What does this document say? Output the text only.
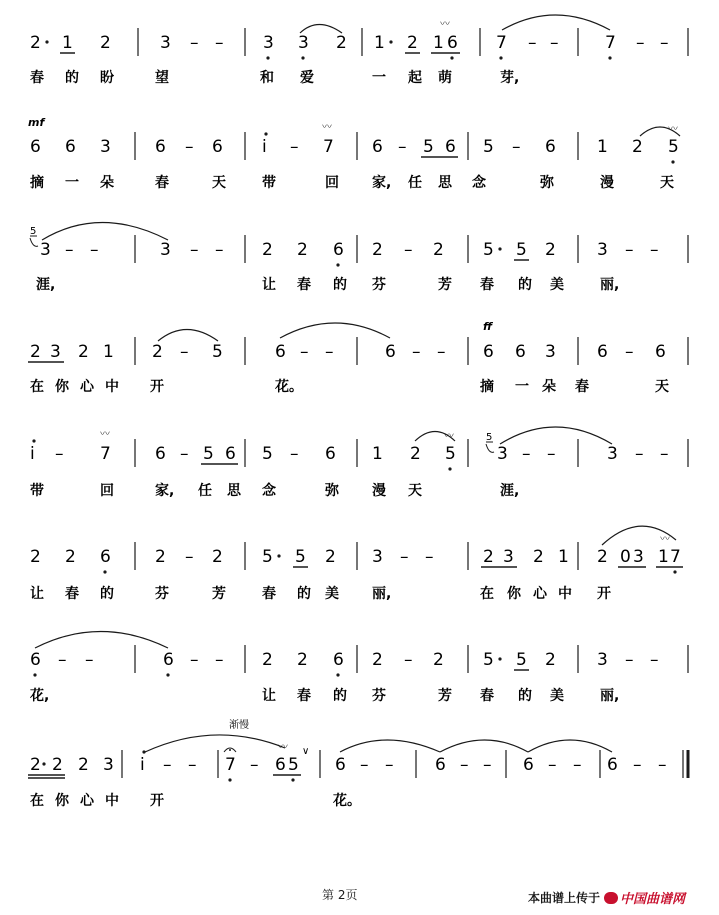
2 1 2	3 – – 3 3 2 1 2 1 6
〰
7 – –	7 – –
6 6 3	6 – 6 i – 7
〰
6 – 5 6 5 – 6 1 2 5
〰
5
3 – –	3 – – 2 2 6 2 – 2 5 5 2 3 – –
2 3 2 1 2 – 5	6 – –	6 – – 6 6 3 6 – 6
i – 7
〰
6 – 5 6 5 – 6 1 2 5
〰	5
3 – –	3 – –
2 2 6	2 – 2 5 5 2 3 – –	2 3 2 1 2 0 3 1 7
〰
6 – –	6 – – 2 2 6 2 – 2 5 5 2 3 – –
2 2 2 3 i – –
渐慢
7 – 6 5
〰 ∨
6 – – 6 – – 6 – – 6 – –
mf
ff
春 的 盼	望	和 爱	一 起 萌	芽,
摘 一 朵	春	天	带	回 家, 任 思 念	弥	漫	天
涯,	让 春 的 芬	芳 春 的 美	丽,
在 你 心 中 开	花。	摘 一 朵 春	天
带	回	家, 任 思 念	弥 漫 天	涯,
让 春 的	芬	芳	春 的 美 丽,	在 你 心 中 开
花,	让 春 的 芬	芳 春 的 美	丽,
在 你 心 中 开	花。
第 2页	本曲谱上传于 中国曲谱网
